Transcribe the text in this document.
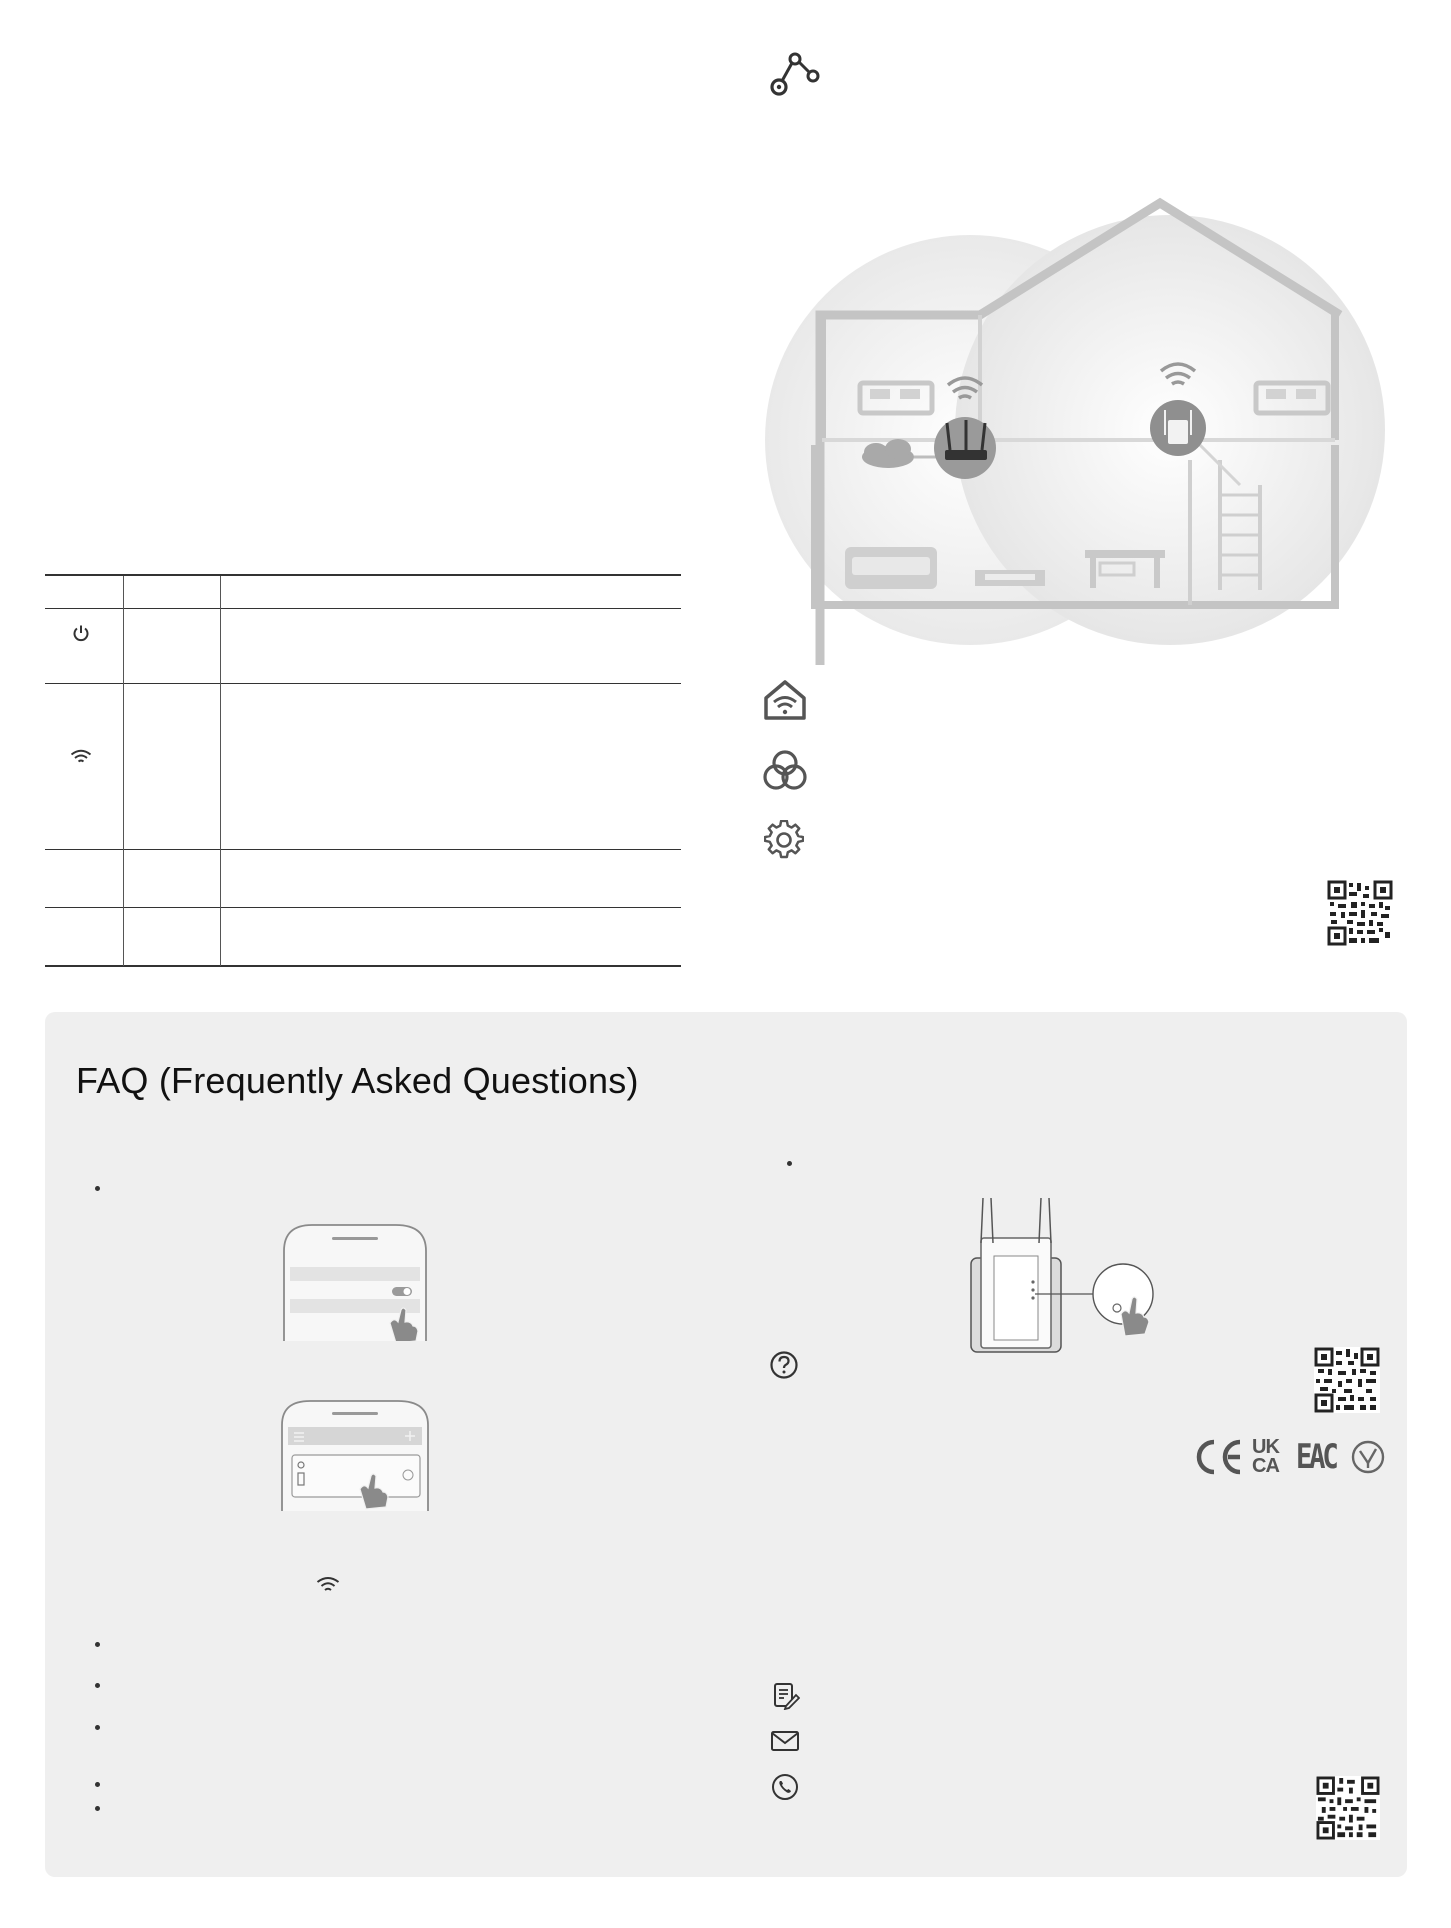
FAQ (Frequently Asked Questions)
UK
CA EAC
